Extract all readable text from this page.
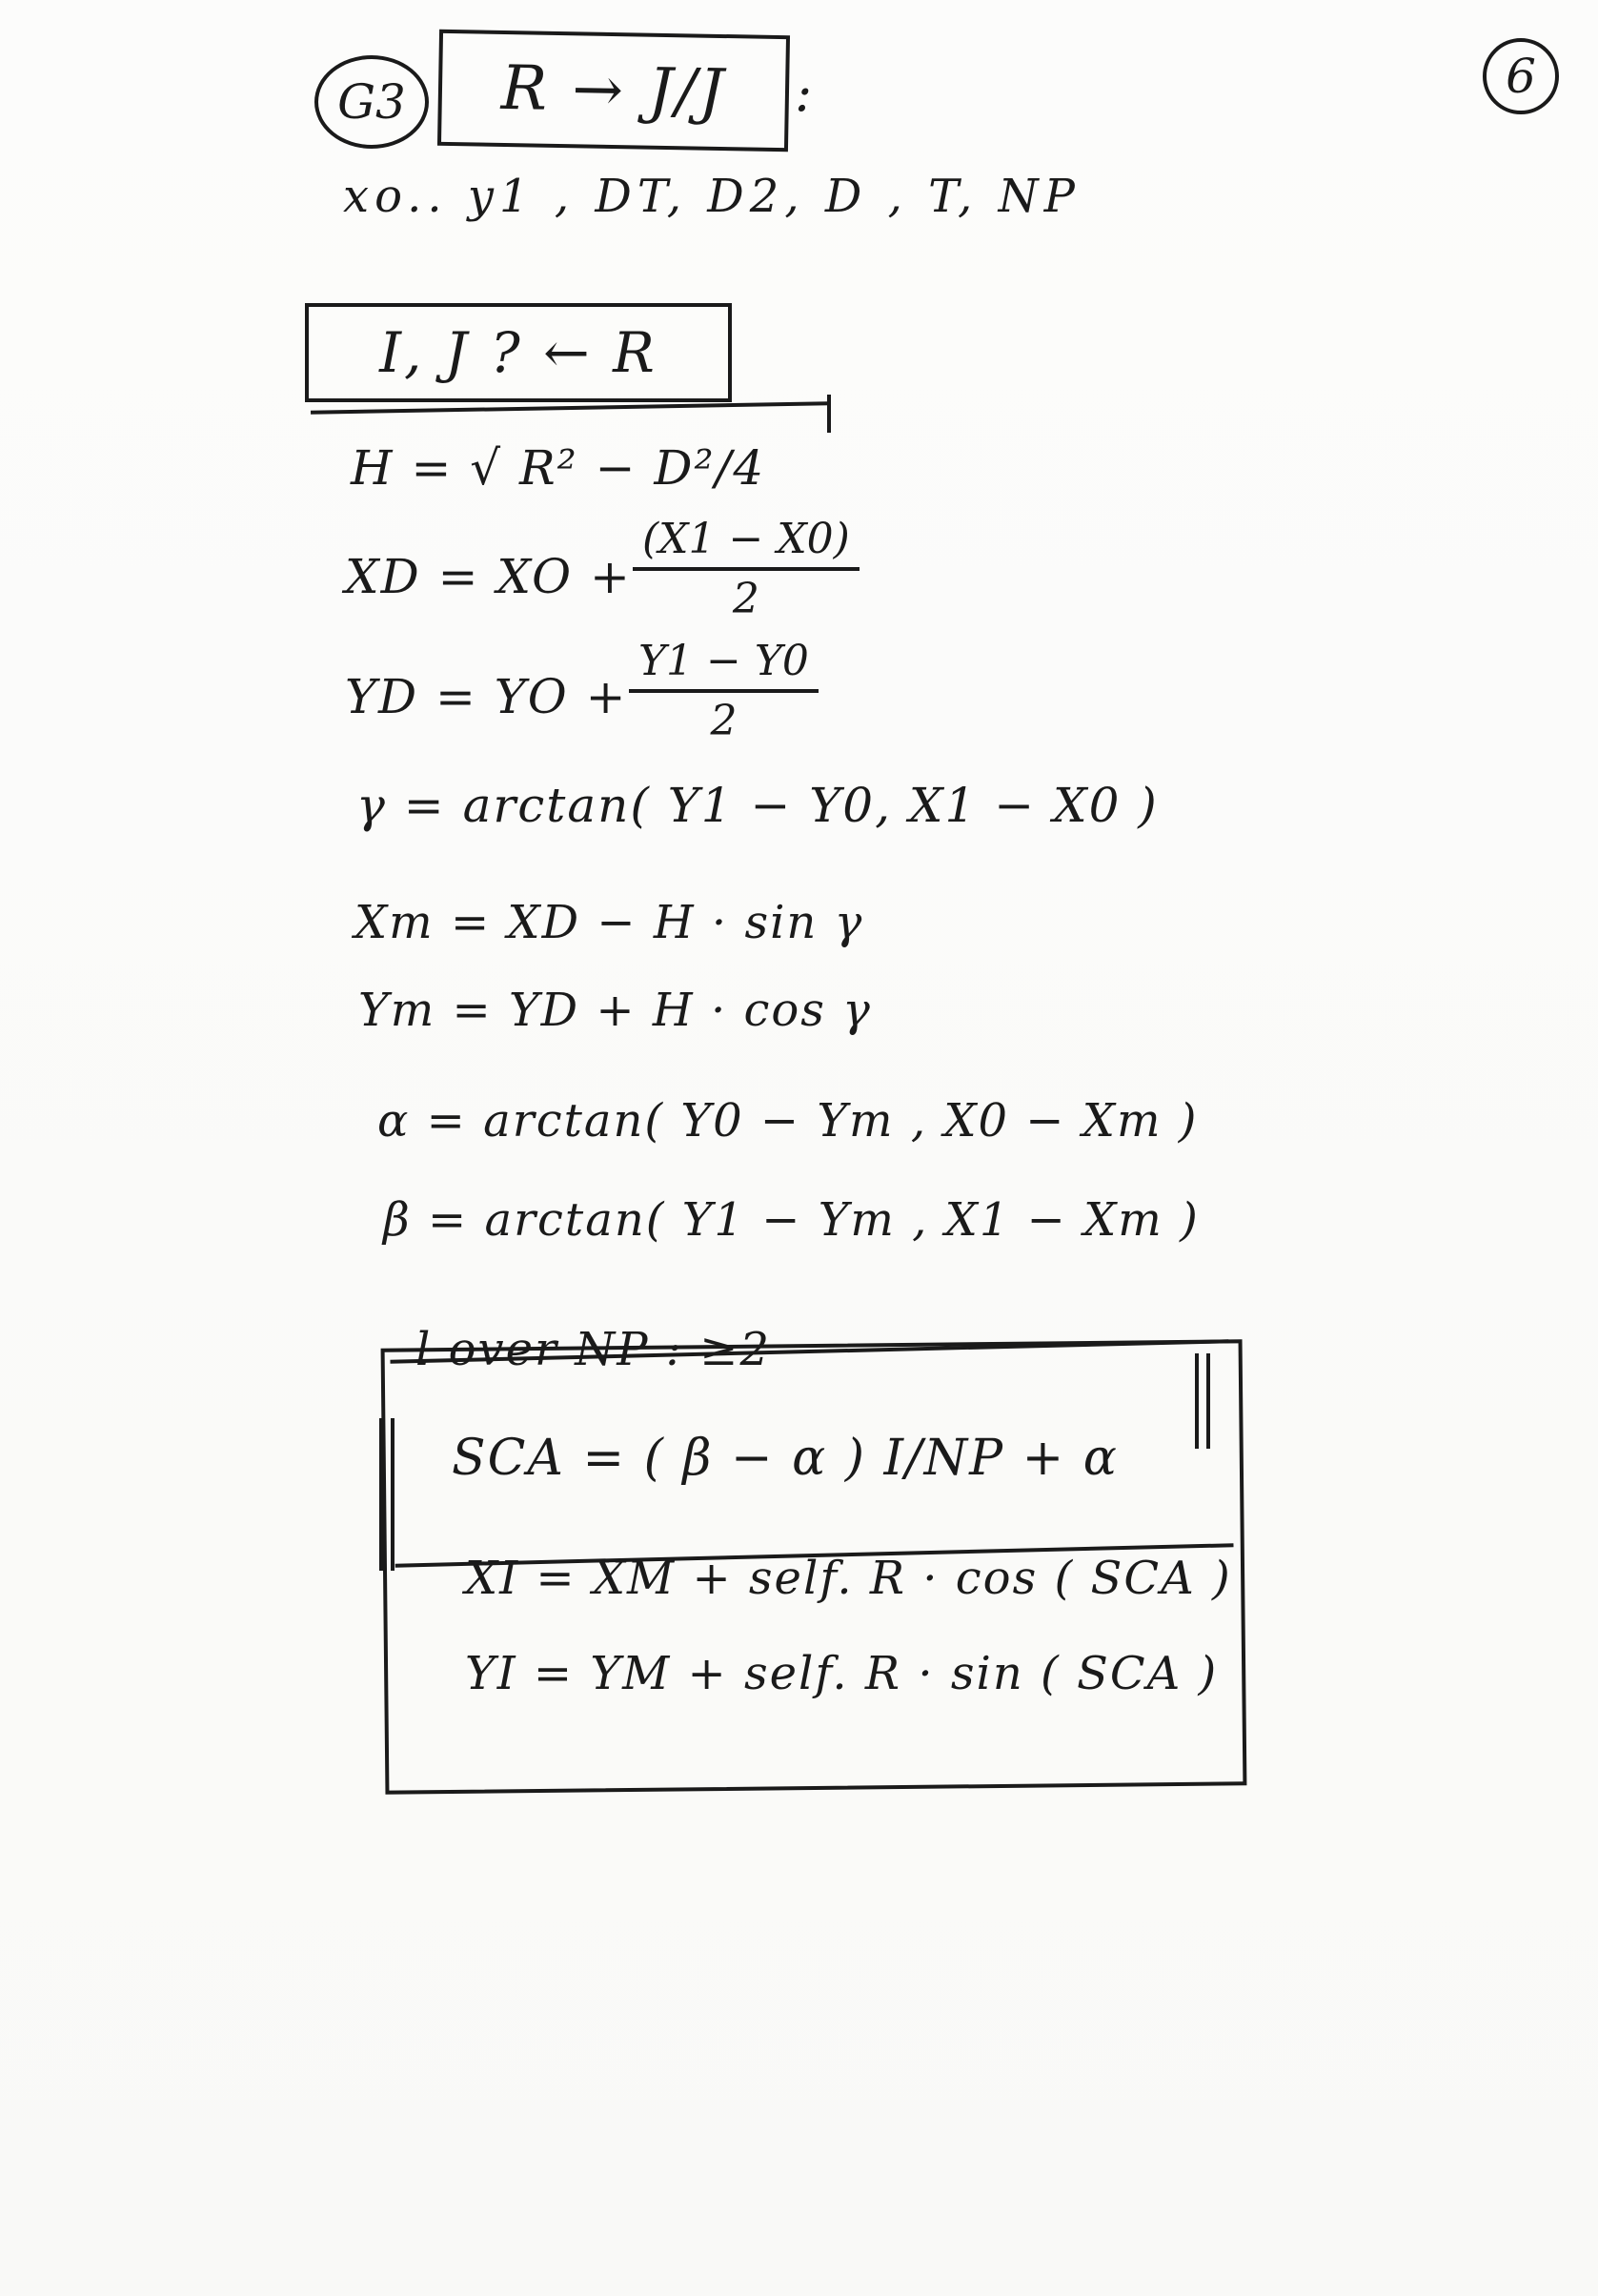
6
G3 R → J/J :
xo.. y1 , DT, D2, D , T, NP
I, J ? ← R
H = √ R² − D²/4
XD = XO + $\frac{(X1 - X0)}{2}$
YD = YO + $\frac{Y1 - Y0}{2}$
γ = arctan( Y1 − Y0, X1 − X0 )
Xm = XD − H · sin γ
Ym = YD + H · cos γ
α = arctan( Y0 − Ym , X0 − Xm )
β = arctan( Y1 − Ym , X1 − Xm )
l over NP : ≥2
SCA = ( β − α ) I/NP + α
XI = XM + self. R · cos ( SCA )
YI = YM + self. R · sin ( SCA )
